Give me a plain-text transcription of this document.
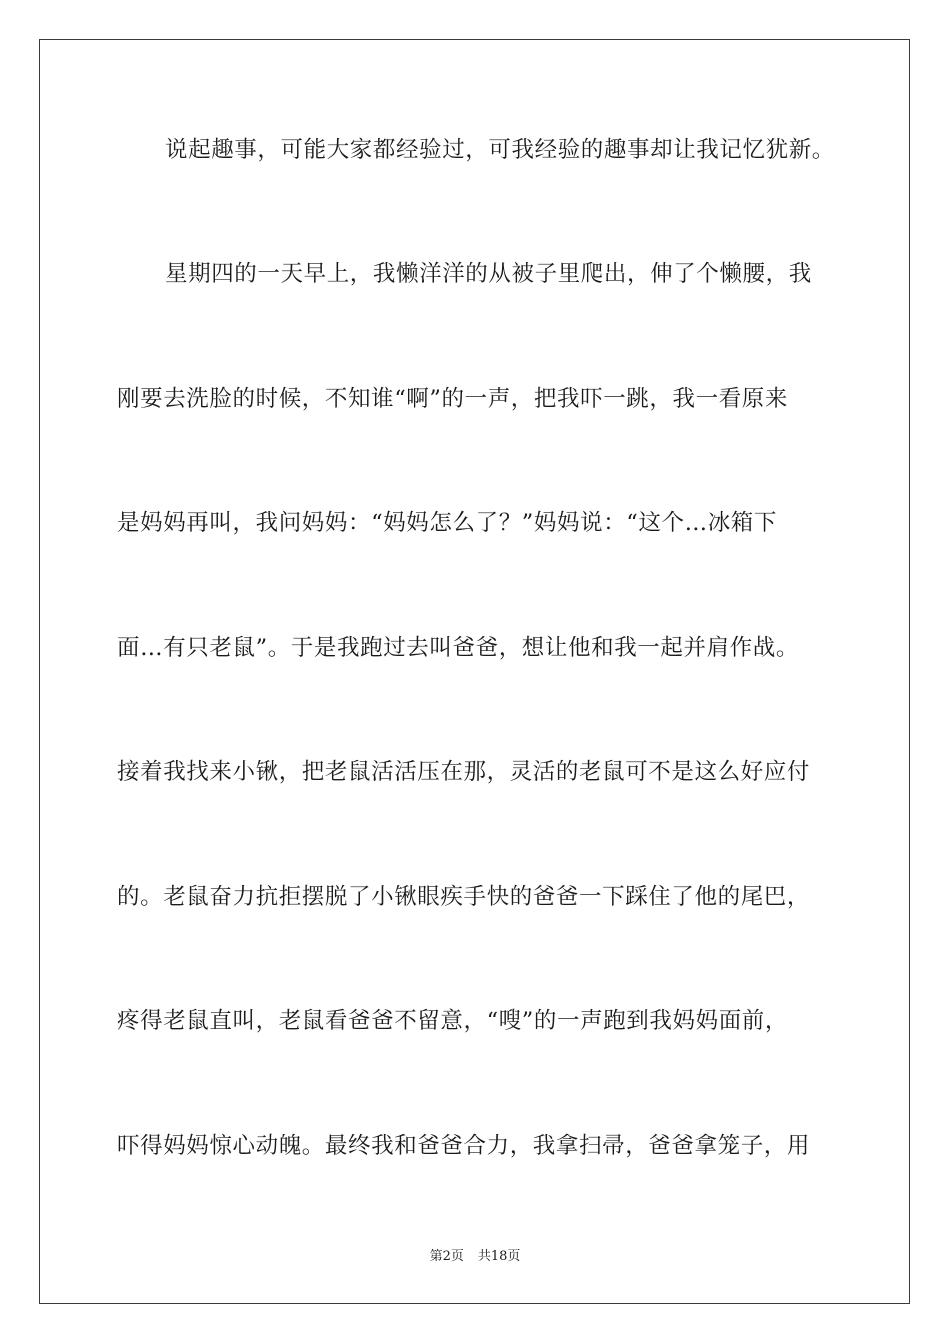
说起趣事，可能大家都经验过，可我经验的趣事却让我记忆犹新。
星期四的一天早上，我懒洋洋的从被子里爬出，伸了个懒腰，我
刚要去洗脸的时候，不知谁“啊”的一声，把我吓一跳，我一看原来
是妈妈再叫，我问妈妈：“妈妈怎么了？”妈妈说：“这个…冰箱下
面…有只老鼠”。于是我跑过去叫爸爸，想让他和我一起并肩作战。
接着我找来小锹，把老鼠活活压在那，灵活的老鼠可不是这么好应付
的。老鼠奋力抗拒摆脱了小锹眼疾手快的爸爸一下踩住了他的尾巴，
疼得老鼠直叫，老鼠看爸爸不留意，“嗖”的一声跑到我妈妈面前，
吓得妈妈惊心动魄。最终我和爸爸合力，我拿扫帚，爸爸拿笼子，用
第2页 共18页
